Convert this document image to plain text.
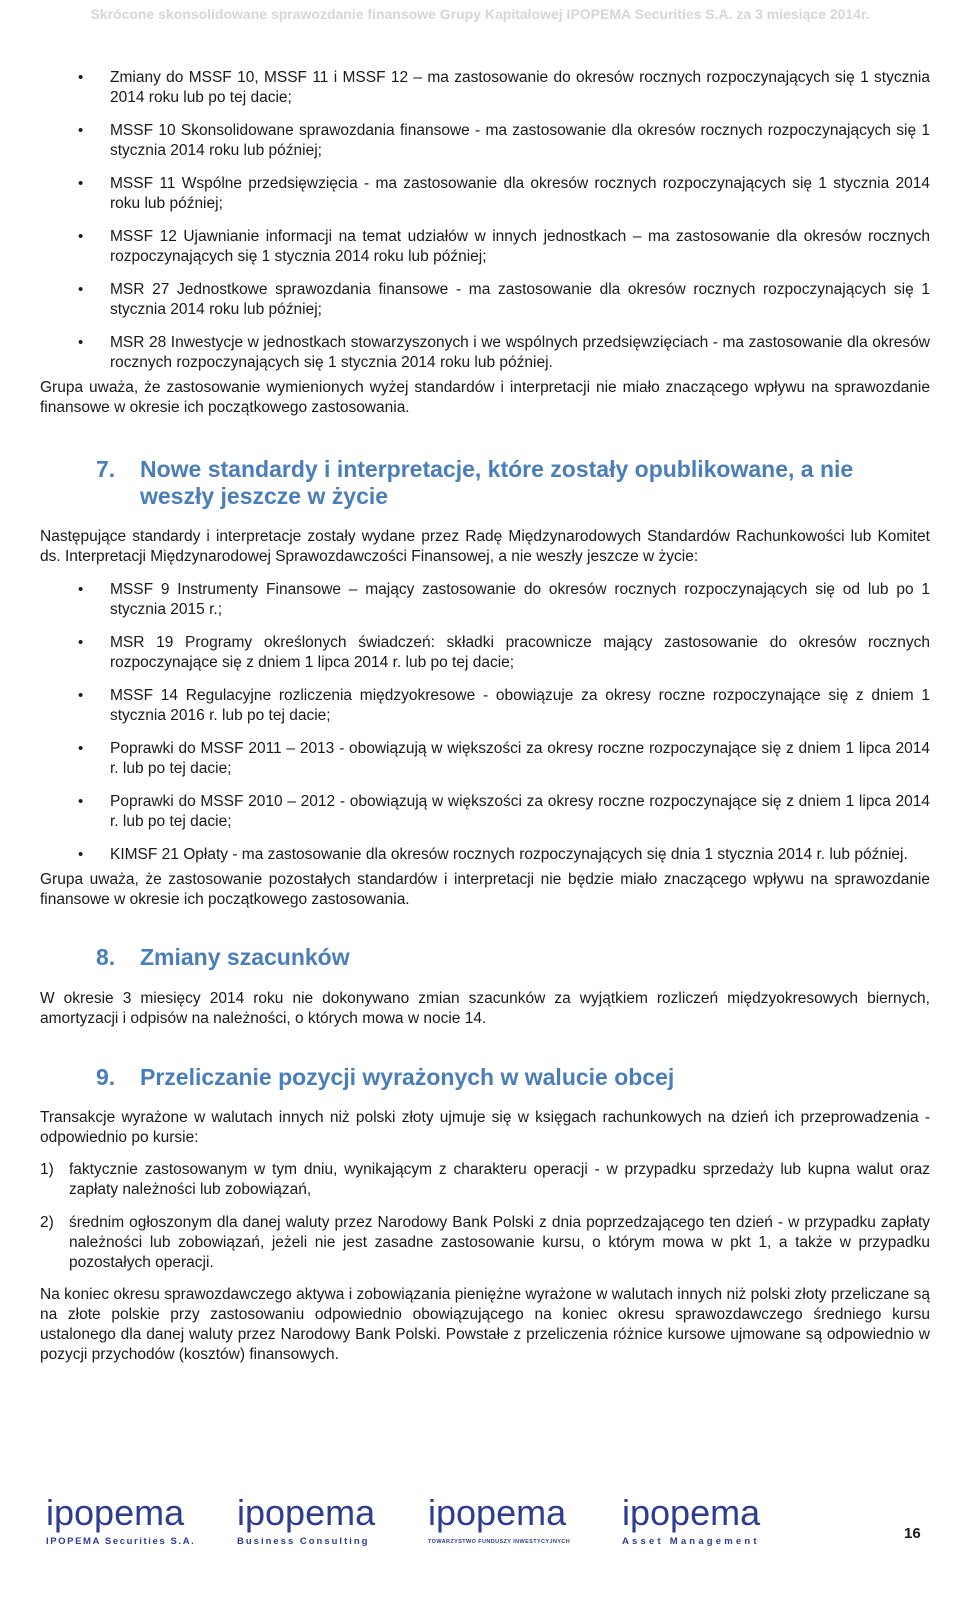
Skrócone skonsolidowane sprawozdanie finansowe Grupy Kapitałowej IPOPEMA Securities S.A. za 3 miesiące 2014r.
• Zmiany do MSSF 10, MSSF 11 i MSSF 12 – ma zastosowanie do okresów rocznych rozpoczynających się 1 stycznia 2014 roku lub po tej dacie;
• MSSF 10 Skonsolidowane sprawozdania finansowe - ma zastosowanie dla okresów rocznych rozpoczynających się 1 stycznia 2014 roku lub później;
• MSSF 11 Wspólne przedsięwzięcia - ma zastosowanie dla okresów rocznych rozpoczynających się 1 stycznia 2014 roku lub później;
• MSSF 12 Ujawnianie informacji na temat udziałów w innych jednostkach – ma zastosowanie dla okresów rocznych rozpoczynających się 1 stycznia 2014 roku lub później;
• MSR 27 Jednostkowe sprawozdania finansowe - ma zastosowanie dla okresów rocznych rozpoczynających się 1 stycznia 2014 roku lub później;
• MSR 28 Inwestycje w jednostkach stowarzyszonych i we wspólnych przedsięwzięciach - ma zastosowanie dla okresów rocznych rozpoczynających się 1 stycznia 2014 roku lub później.

Grupa uważa, że zastosowanie wymienionych wyżej standardów i interpretacji nie miało znaczącego wpływu na sprawozdanie finansowe w okresie ich początkowego zastosowania.

7. Nowe standardy i interpretacje, które zostały opublikowane, a nie weszły jeszcze w życie

Następujące standardy i interpretacje zostały wydane przez Radę Międzynarodowych Standardów Rachunkowości lub Komitet ds. Interpretacji Międzynarodowej Sprawozdawczości Finansowej, a nie weszły jeszcze w życie:

• MSSF 9 Instrumenty Finansowe – mający zastosowanie do okresów rocznych rozpoczynających się od lub po 1 stycznia 2015 r.;
• MSR 19 Programy określonych świadczeń: składki pracownicze mający zastosowanie do okresów rocznych rozpoczynające się z dniem 1 lipca 2014 r. lub po tej dacie;
• MSSF 14 Regulacyjne rozliczenia międzyokresowe - obowiązuje za okresy roczne rozpoczynające się z dniem 1 stycznia 2016 r. lub po tej dacie;
• Poprawki do MSSF 2011 – 2013 - obowiązują w większości za okresy roczne rozpoczynające się z dniem 1 lipca 2014 r. lub po tej dacie;
• Poprawki do MSSF 2010 – 2012 - obowiązują w większości za okresy roczne rozpoczynające się z dniem 1 lipca 2014 r. lub po tej dacie;
• KIMSF 21 Opłaty - ma zastosowanie dla okresów rocznych rozpoczynających się dnia 1 stycznia 2014 r. lub później.

Grupa uważa, że zastosowanie pozostałych standardów i interpretacji nie będzie miało znaczącego wpływu na sprawozdanie finansowe w okresie ich początkowego zastosowania.

8. Zmiany szacunków

W okresie 3 miesięcy 2014 roku nie dokonywano zmian szacunków za wyjątkiem rozliczeń międzyokresowych biernych, amortyzacji i odpisów na należności, o których mowa w nocie 14.

9. Przeliczanie pozycji wyrażonych w walucie obcej

Transakcje wyrażone w walutach innych niż polski złoty ujmuje się w księgach rachunkowych na dzień ich przeprowadzenia - odpowiednio po kursie:

1) faktycznie zastosowanym w tym dniu, wynikającym z charakteru operacji - w przypadku sprzedaży lub kupna walut oraz zapłaty należności lub zobowiązań,
2) średnim ogłoszonym dla danej waluty przez Narodowy Bank Polski z dnia poprzedzającego ten dzień - w przypadku zapłaty należności lub zobowiązań, jeżeli nie jest zasadne zastosowanie kursu, o którym mowa w pkt 1, a także w przypadku pozostałych operacji.

Na koniec okresu sprawozdawczego aktywa i zobowiązania pieniężne wyrażone w walutach innych niż polski złoty przeliczane są na złote polskie przy zastosowaniu odpowiednio obowiązującego na koniec okresu sprawozdawczego średniego kursu ustalonego dla danej waluty przez Narodowy Bank Polski. Powstałe z przeliczenia różnice kursowe ujmowane są odpowiednio w pozycji przychodów (kosztów) finansowych.

ipopema
IPOPEMA Securities S.A.
ipopema
Business Consulting
ipopema
TOWARZYSTWO FUNDUSZY INWESTYCYJNYCH
ipopema
Asset Management	16
